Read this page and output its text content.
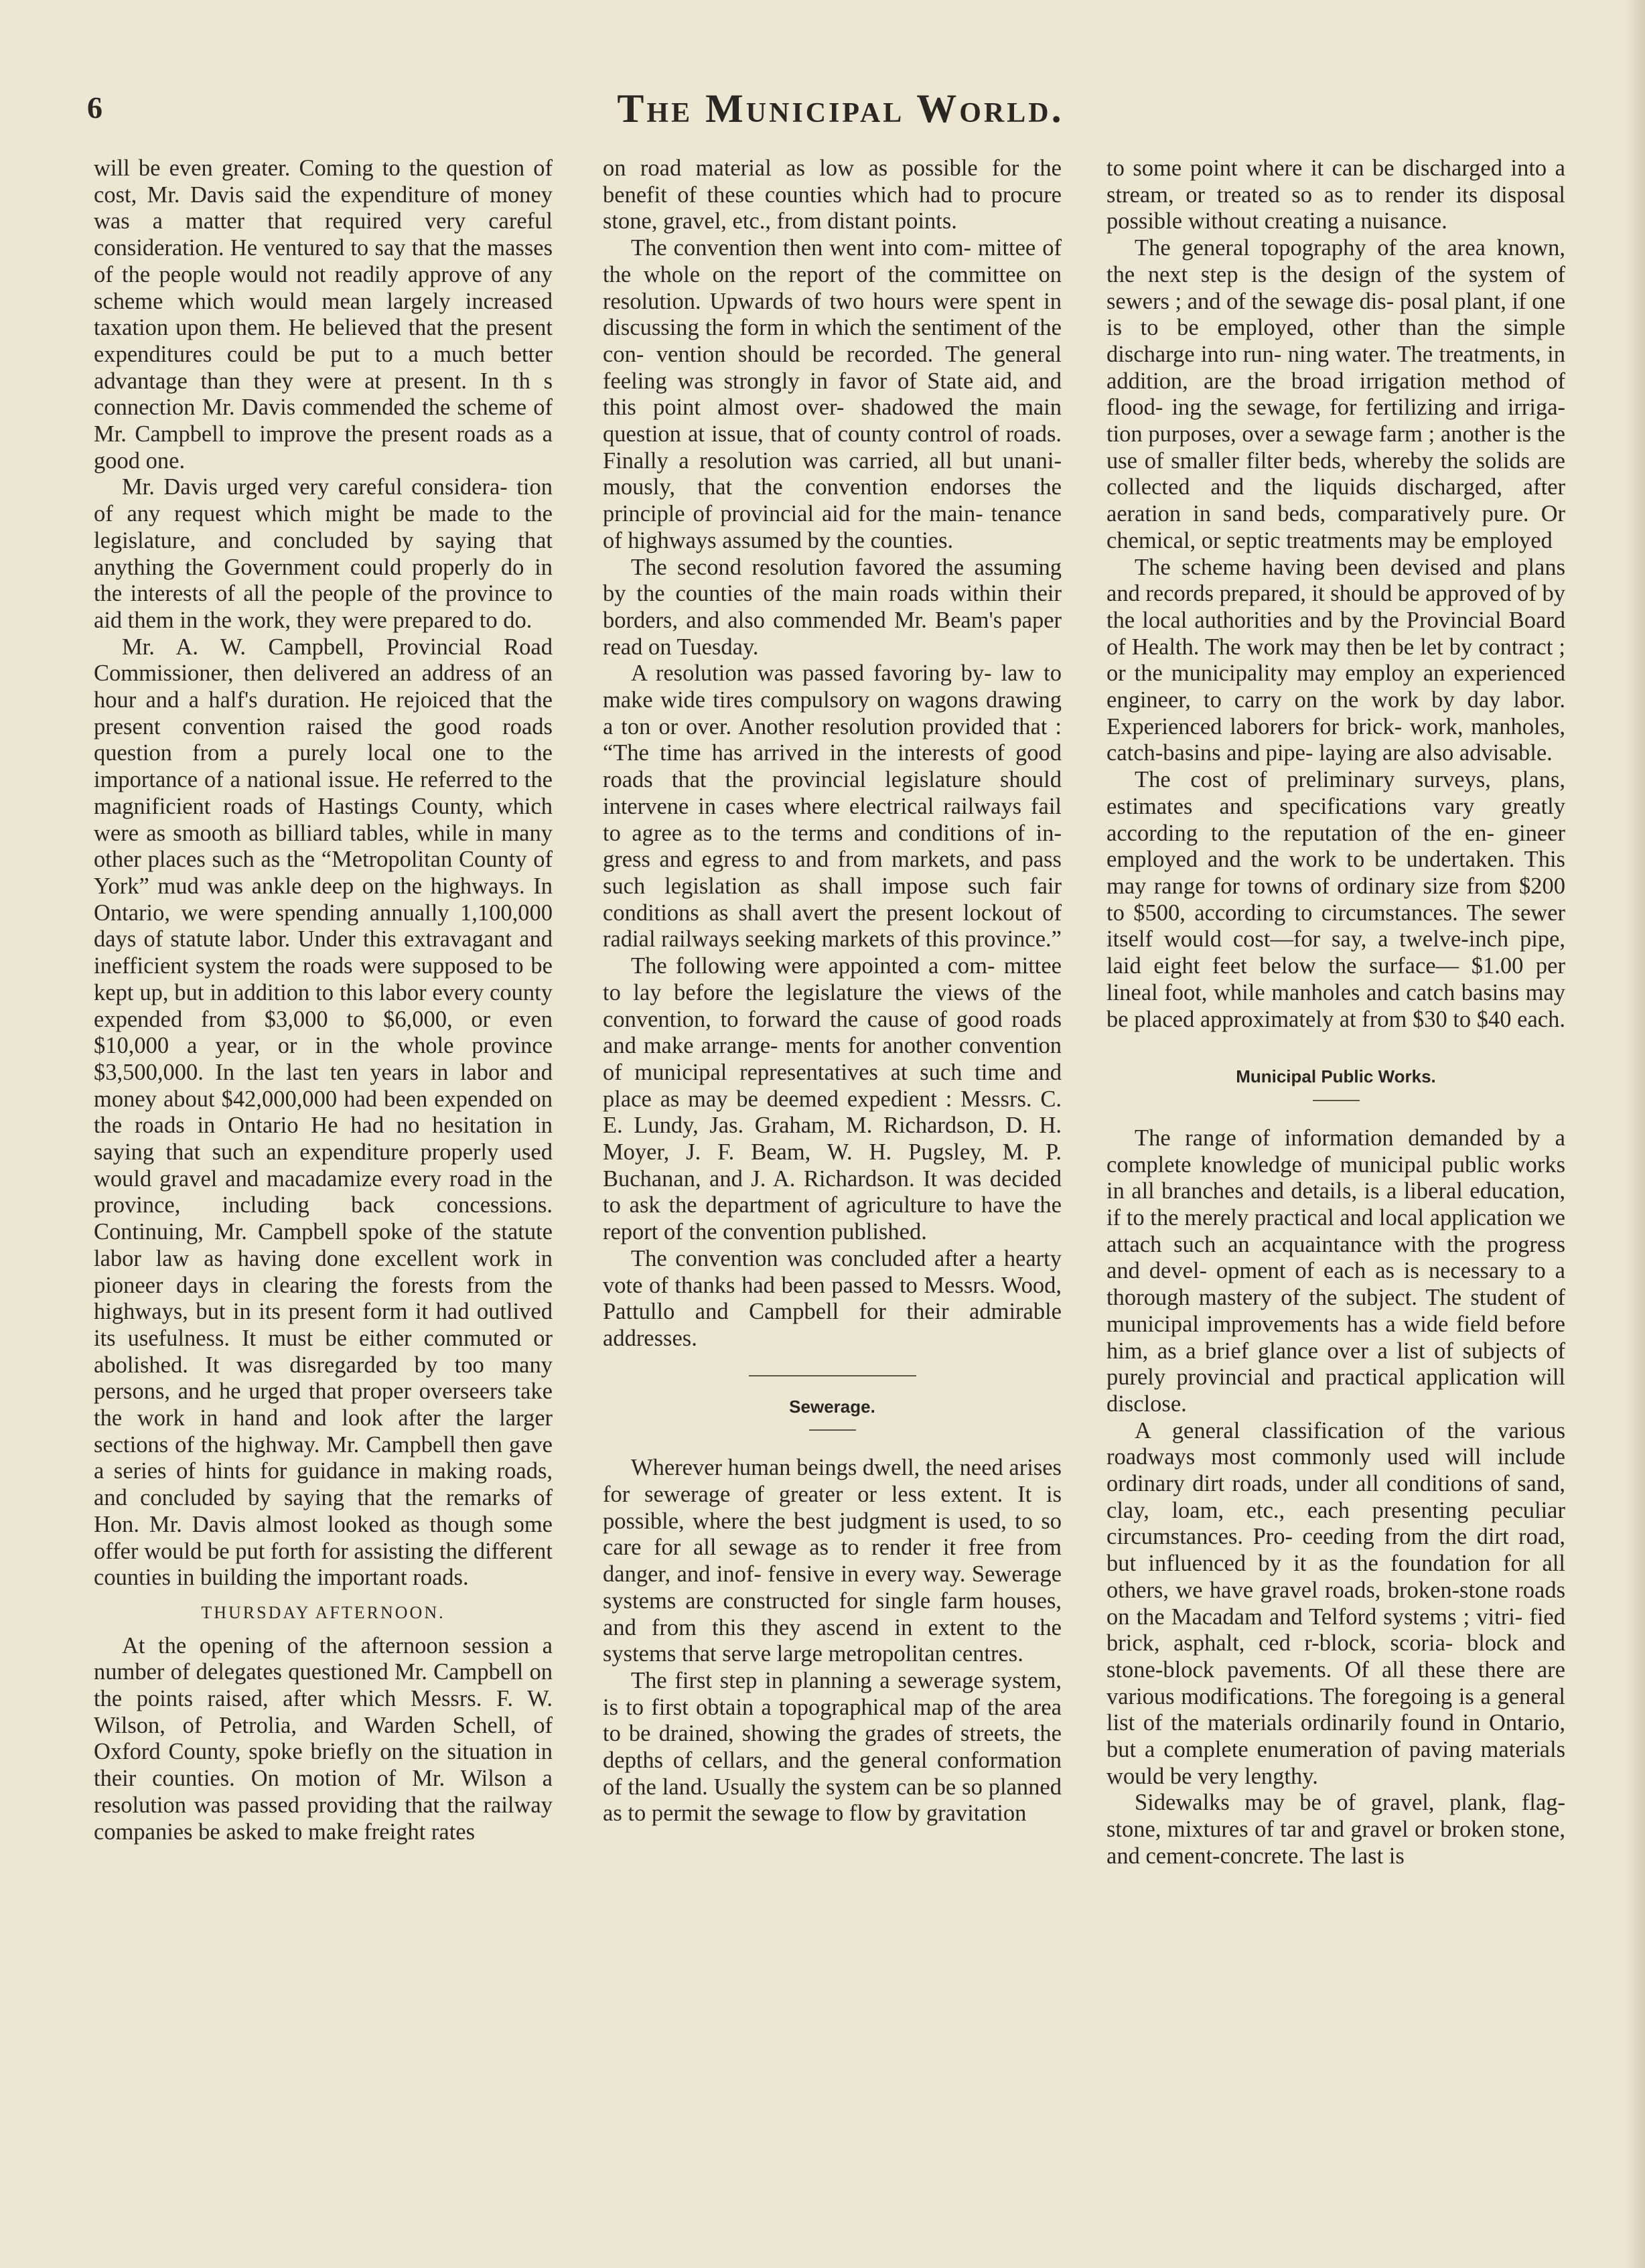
6	The Municipal World.

will be even greater. Coming to the question of cost, Mr. Davis said the expenditure of money was a matter that required very careful consideration. He ventured to say that the masses of the people would not readily approve of any scheme which would mean largely increased taxation upon them. He believed that the present expenditures could be put to a much better advantage than they were at present. In th s connection Mr. Davis commended the scheme of Mr. Campbell to improve the present roads as a good one.

Mr. Davis urged very careful considera- tion of any request which might be made to the legislature, and concluded by saying that anything the Government could properly do in the interests of all the people of the province to aid them in the work, they were prepared to do.

Mr. A. W. Campbell, Provincial Road Commissioner, then delivered an address of an hour and a half's duration. He rejoiced that the present convention raised the good roads question from a purely local one to the importance of a national issue. He referred to the magnificient roads of Hastings County, which were as smooth as billiard tables, while in many other places such as the “Metropolitan County of York” mud was ankle deep on the highways. In Ontario, we were spending annually 1,100,000 days of statute labor. Under this extravagant and inefficient system the roads were supposed to be kept up, but in addition to this labor every county expended from $3,000 to $6,000, or even $10,000 a year, or in the whole province $3,500,000. In the last ten years in labor and money about $42,000,000 had been expended on the roads in Ontario He had no hesitation in saying that such an expenditure properly used would gravel and macadamize every road in the province, including back concessions. Continuing, Mr. Campbell spoke of the statute labor law as having done excellent work in pioneer days in clearing the forests from the highways, but in its present form it had outlived its usefulness. It must be either commuted or abolished. It was disregarded by too many persons, and he urged that proper overseers take the work in hand and look after the larger sections of the highway. Mr. Campbell then gave a series of hints for guidance in making roads, and concluded by saying that the remarks of Hon. Mr. Davis almost looked as though some offer would be put forth for assisting the different counties in building the important roads.

THURSDAY AFTERNOON.

At the opening of the afternoon session a number of delegates questioned Mr. Campbell on the points raised, after which Messrs. F. W. Wilson, of Petrolia, and Warden Schell, of Oxford County, spoke briefly on the situation in their counties. On motion of Mr. Wilson a resolution was passed providing that the railway companies be asked to make freight rates

on road material as low as possible for the benefit of these counties which had to procure stone, gravel, etc., from distant points.

The convention then went into com- mittee of the whole on the report of the committee on resolution. Upwards of two hours were spent in discussing the form in which the sentiment of the con- vention should be recorded. The general feeling was strongly in favor of State aid, and this point almost over- shadowed the main question at issue, that of county control of roads. Finally a resolution was carried, all but unani- mously, that the convention endorses the principle of provincial aid for the main- tenance of highways assumed by the counties.

The second resolution favored the assuming by the counties of the main roads within their borders, and also commended Mr. Beam's paper read on Tuesday.

A resolution was passed favoring by- law to make wide tires compulsory on wagons drawing a ton or over. Another resolution provided that : “The time has arrived in the interests of good roads that the provincial legislature should intervene in cases where electrical railways fail to agree as to the terms and conditions of in- gress and egress to and from markets, and pass such legislation as shall impose such fair conditions as shall avert the present lockout of radial railways seeking markets of this province.”

The following were appointed a com- mittee to lay before the legislature the views of the convention, to forward the cause of good roads and make arrange- ments for another convention of municipal representatives at such time and place as may be deemed expedient : Messrs. C. E. Lundy, Jas. Graham, M. Richardson, D. H. Moyer, J. F. Beam, W. H. Pugsley, M. P. Buchanan, and J. A. Richardson. It was decided to ask the department of agriculture to have the report of the convention published.

The convention was concluded after a hearty vote of thanks had been passed to Messrs. Wood, Pattullo and Campbell for their admirable addresses.

Sewerage.

Wherever human beings dwell, the need arises for sewerage of greater or less extent. It is possible, where the best judgment is used, to so care for all sewage as to render it free from danger, and inof- fensive in every way. Sewerage systems are constructed for single farm houses, and from this they ascend in extent to the systems that serve large metropolitan centres.

The first step in planning a sewerage system, is to first obtain a topographical map of the area to be drained, showing the grades of streets, the depths of cellars, and the general conformation of the land. Usually the system can be so planned as to permit the sewage to flow by gravitation

to some point where it can be discharged into a stream, or treated so as to render its disposal possible without creating a nuisance.

The general topography of the area known, the next step is the design of the system of sewers ; and of the sewage dis- posal plant, if one is to be employed, other than the simple discharge into run- ning water. The treatments, in addition, are the broad irrigation method of flood- ing the sewage, for fertilizing and irriga- tion purposes, over a sewage farm ; another is the use of smaller filter beds, whereby the solids are collected and the liquids discharged, after aeration in sand beds, comparatively pure. Or chemical, or septic treatments may be employed

The scheme having been devised and plans and records prepared, it should be approved of by the local authorities and by the Provincial Board of Health. The work may then be let by contract ; or the municipality may employ an experienced engineer, to carry on the work by day labor. Experienced laborers for brick- work, manholes, catch-basins and pipe- laying are also advisable.

The cost of preliminary surveys, plans, estimates and specifications vary greatly according to the reputation of the en- gineer employed and the work to be undertaken. This may range for towns of ordinary size from $200 to $500, according to circumstances. The sewer itself would cost—for say, a twelve-inch pipe, laid eight feet below the surface— $1.00 per lineal foot, while manholes and catch basins may be placed approximately at from $30 to $40 each.

Municipal Public Works.

The range of information demanded by a complete knowledge of municipal public works in all branches and details, is a liberal education, if to the merely practical and local application we attach such an acquaintance with the progress and devel- opment of each as is necessary to a thorough mastery of the subject. The student of municipal improvements has a wide field before him, as a brief glance over a list of subjects of purely provincial and practical application will disclose.

A general classification of the various roadways most commonly used will include ordinary dirt roads, under all conditions of sand, clay, loam, etc., each presenting peculiar circumstances. Pro- ceeding from the dirt road, but influenced by it as the foundation for all others, we have gravel roads, broken-stone roads on the Macadam and Telford systems ; vitri- fied brick, asphalt, ced r-block, scoria- block and stone-block pavements. Of all these there are various modifications. The foregoing is a general list of the materials ordinarily found in Ontario, but a complete enumeration of paving materials would be very lengthy.

Sidewalks may be of gravel, plank, flag- stone, mixtures of tar and gravel or broken stone, and cement-concrete. The last is
